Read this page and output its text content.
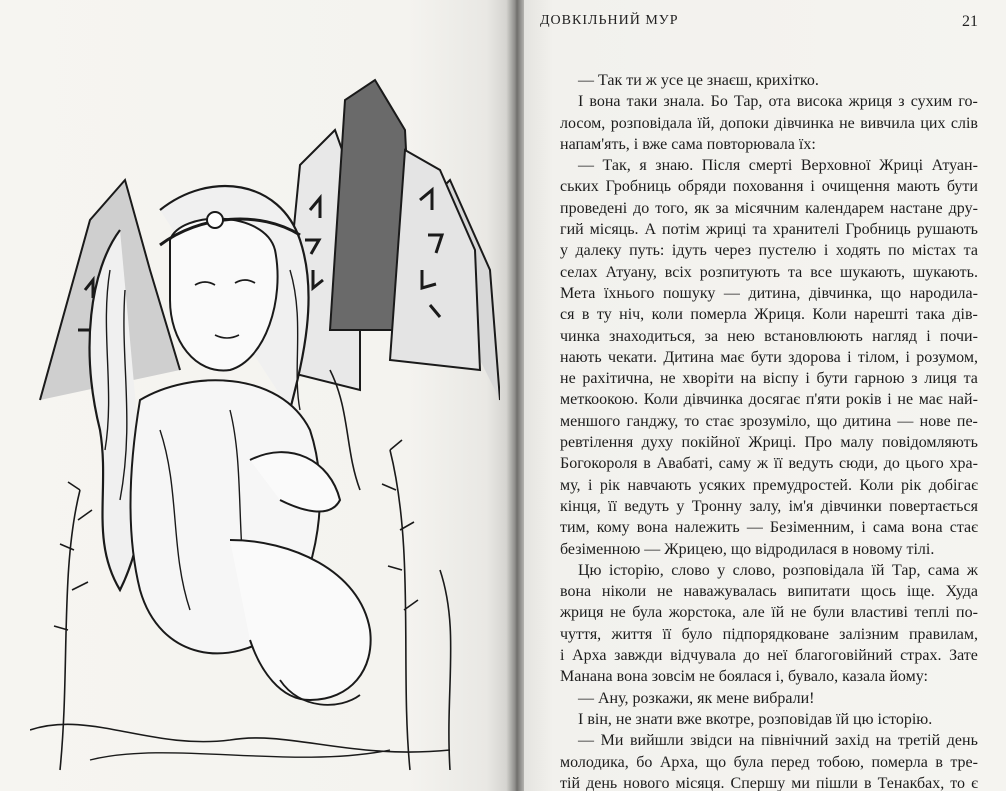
ДОВКІЛЬНИЙ МУР	21
— Так ти ж усе це знаєш, крихітко.
І вона таки знала. Бо Тар, ота висока жриця з сухим го-
лосом, розповідала їй, допоки дівчинка не вивчила цих слів
напам'ять, і вже сама повторювала їх:
— Так, я знаю. Після смерті Верховної Жриці Атуан-
ських Гробниць обряди поховання і очищення мають бути
проведені до того, як за місячним календарем настане дру-
гий місяць. А потім жриці та хранителі Гробниць рушають
у далеку путь: ідуть через пустелю і ходять по містах та
селах Атуану, всіх розпитують та все шукають, шукають.
Мета їхнього пошуку — дитина, дівчинка, що народила-
ся в ту ніч, коли померла Жриця. Коли нарешті така дів-
чинка знаходиться, за нею встановлюють нагляд і почи-
нають чекати. Дитина має бути здорова і тілом, і розумом,
не рахітична, не хворіти на віспу і бути гарною з лиця та
меткоокою. Коли дівчинка досягає п'яти років і не має най-
меншого ганджу, то стає зрозуміло, що дитина — нове пе-
ревтілення духу покійної Жриці. Про малу повідомляють
Богокороля в Авабаті, саму ж її ведуть сюди, до цього хра-
му, і рік навчають усяких премудростей. Коли рік добігає
кінця, її ведуть у Тронну залу, ім'я дівчинки повертається
тим, кому вона належить — Безіменним, і сама вона стає
безіменною — Жрицею, що відродилася в новому тілі.
Цю історію, слово у слово, розповідала їй Тар, сама ж
вона ніколи не наважувалась випитати щось іще. Худа
жриця не була жорстока, але їй не були властиві теплі по-
чуття, життя її було підпорядковане залізним правилам,
і Арха завжди відчувала до неї благоговійний страх. Зате
Манана вона зовсім не боялася і, бувало, казала йому:
— Ану, розкажи, як мене вибрали!
І він, не знати вже вкотре, розповідав їй цю історію.
— Ми вийшли звідси на північний захід на третій день
молодика, бо Арха, що була перед тобою, померла в тре-
тій день нового місяця. Спершу ми пішли в Тенакбах, то є
